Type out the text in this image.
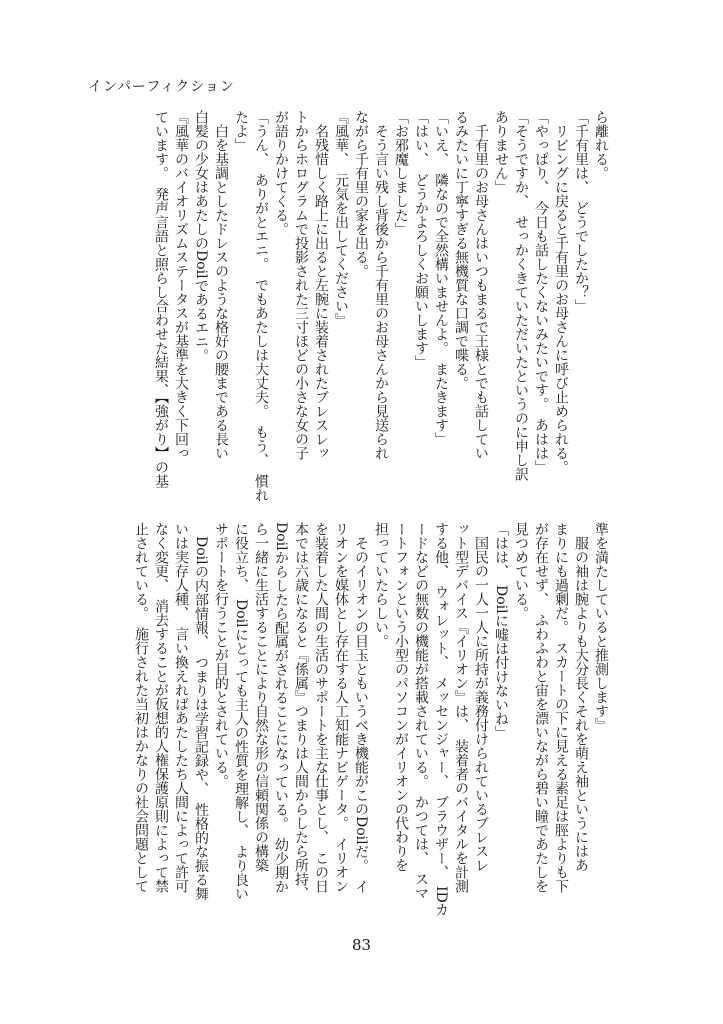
インパーフィクション
ら離れる。
「千有里は、　どうでしたか？」
　リビングに戻ると千有里のお母さんに呼び止められる。
「やっぱり、　今日も話したくないみたいです。　あはは」
「そうですか、　せっかくきていただいたというのに申し訳
ありません」
　千有里のお母さんはいつもまるで王様とでも話してい
るみたいに丁寧すぎる無機質な口調で喋る。
「いえ、　隣なので全然構いませんよ。　またきます」
「はい、　どうかよろしくお願いします」
「お邪魔しました」
　そう言い残し背後から千有里のお母さんから見送られ
ながら千有里の家を出る。
『風華、　元気を出してください』
　名残惜しく路上に出ると左腕に装着されたブレスレッ
トからホログラムで投影された三寸ほどの小さな女の子
が語りかけてくる。
「うん、　ありがとエニ。　でもあたしは大丈夫。　もう、　慣れ
たよ」
　白を基調としたドレスのような格好の腰まである長い
白髪の少女はあたしのDoilであるエニ。
『風華のバイオリズムステータスが基準を大きく下回っ
ています。　発声言語と照らし合わせた結果、【強がり】の基
準を満たしていると推測します』
　服の袖は腕よりも大分長くそれを萌え袖というにはあ
まりにも過剰だ。　スカートの下に見える素足は脛よりも下
が存在せず、　ふわふわと宙を漂いながら碧い瞳であたしを
見つめている。
「はは、　Doilに嘘は付けないね」
　国民の一人一人に所持が義務付けられているブレスレ
ット型デバイス『イリオン』は、　装着者のバイタルを計測
する他、　ウォレット、　メッセンジャー、　ブラウザー、　IDカ
ードなどの無数の機能が搭載されている。　かつては、　スマ
ートフォンという小型のパソコンがイリオンの代わりを
担っていたらしい。
　そのイリオンの目玉ともいうべき機能がこのDoilだ。　イ
リオンを媒体とし存在する人工知能ナビゲータ。　イリオン
を装着した人間の生活のサポートを主な仕事とし、　この日
本では六歳になると『係属』つまりは人間からしたら所持、
Doilからしたら配属がされることになっている。　幼少期か
ら一緒に生活することにより自然な形の信頼関係の構築
に役立ち、　Doilにとっても主人の性質を理解し、　より良い
サポートを行うことが目的とされている。
　Doilの内部情報、　つまりは学習記録や、　性格的な振る舞
いは実存人種、　言い換えればあたしたち人間によって許可
なく変更、　消去することが仮想的人権保護原則によって禁
止されている。　施行された当初はかなりの社会問題として
83
